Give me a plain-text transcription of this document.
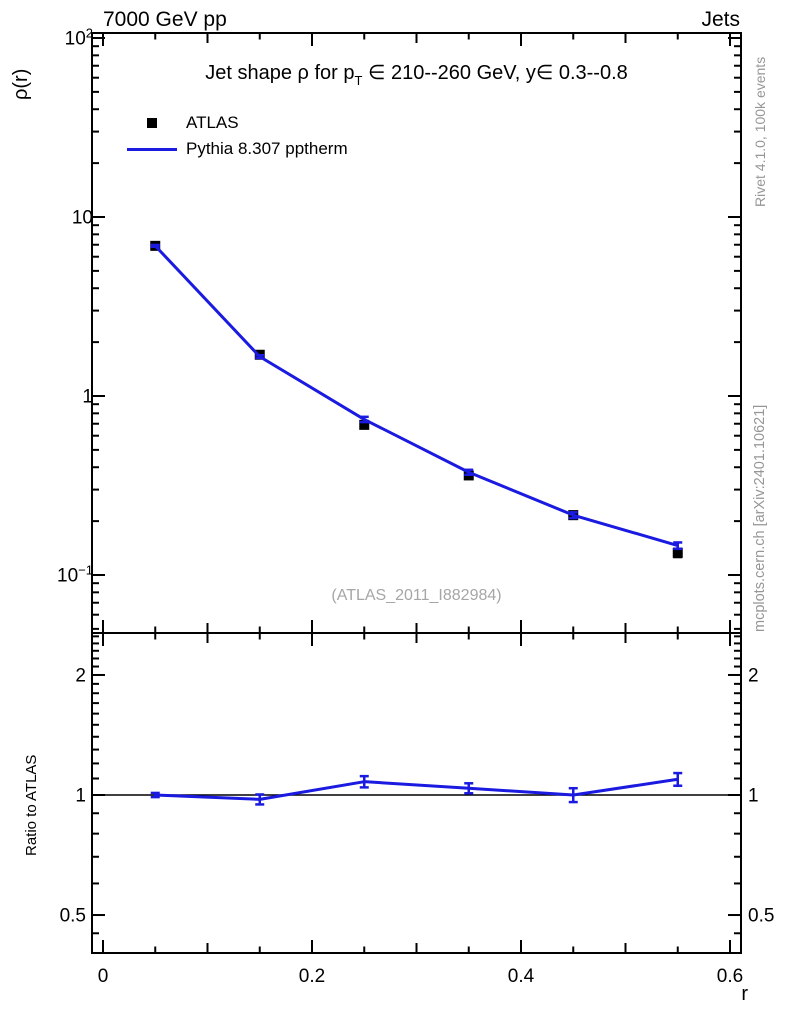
0	0.2	0.4	0.6
$10^2$
10
1
$10^{-1}$
2	2
1	1
0.5	0.5
7000 GeV pp	Jets
ρ(r)	Jet shape ρ for $p_T$ ∈ 210--260 GeV, y∈ 0.3--0.8
ATLAS
Pythia 8.307 pptherm
(ATLAS_2011_I882984)
Rivet 4.1.0, 100k events
mcplots.cern.ch [arXiv:2401.10621]
Ratio to ATLAS
r
